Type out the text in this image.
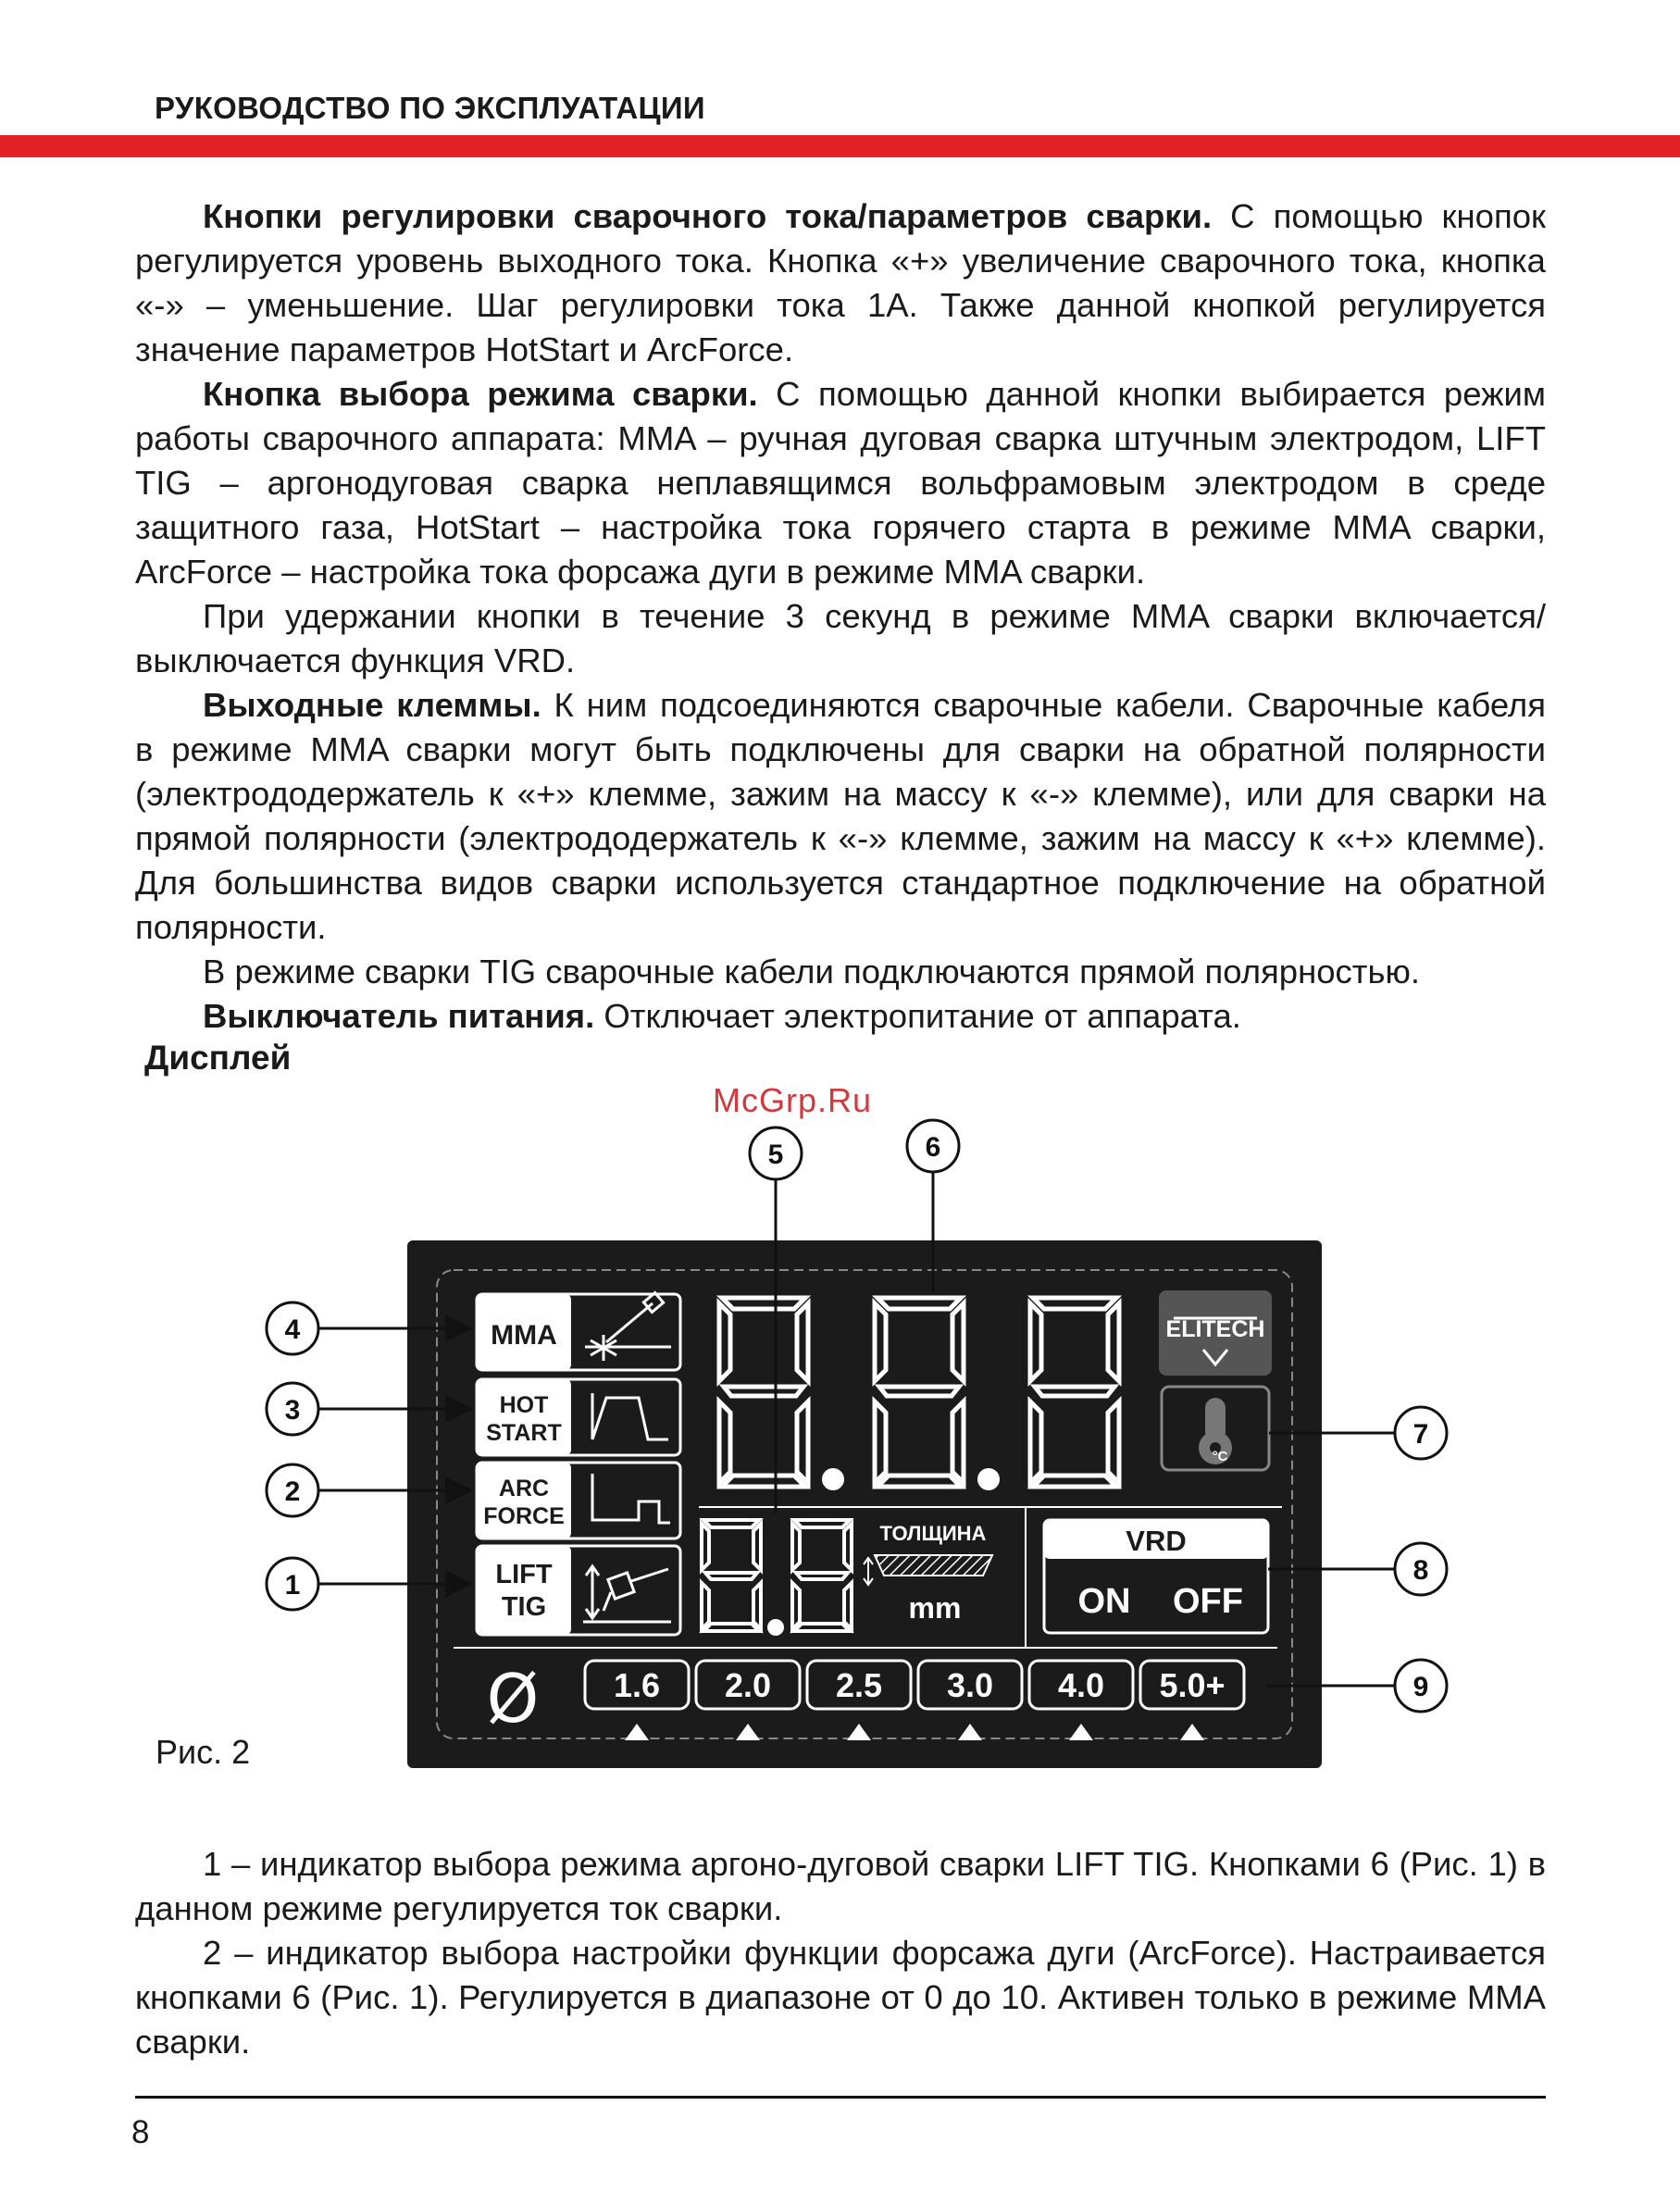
РУКОВОДСТВО ПО ЭКСПЛУАТАЦИИ

Кнопки регулировки сварочного тока/параметров сварки. С помощью кнопок регулируется уровень выходного тока. Кнопка «+» увеличение сварочного тока, кнопка «-» – уменьшение. Шаг регулировки тока 1А. Также данной кнопкой регулируется значение параметров HotStart и ArcForce.

Кнопка выбора режима сварки. С помощью данной кнопки выбирается режим работы сварочного аппарата: MMA – ручная дуговая сварка штучным электродом, LIFT TIG – аргонодуговая сварка неплавящимся вольфрамовым электродом в среде защитного газа, HotStart – настройка тока горячего старта в режиме MMA сварки, ArcForce – настройка тока форсажа дуги в режиме MMA сварки.

При удержании кнопки в течение 3 секунд в режиме MMA сварки включается/выключается функция VRD.

Выходные клеммы. К ним подсоединяются сварочные кабели. Сварочные кабеля в режиме MMA сварки могут быть подключены для сварки на обратной полярности (электрододержатель к «+» клемме, зажим на массу к «-» клемме), или для сварки на прямой полярности (электрододержатель к «-» клемме, зажим на массу к «+» клемме). Для большинства видов сварки используется стандартное подключение на обратной полярности.

В режиме сварки TIG сварочные кабели подключаются прямой полярностью.

Выключатель питания. Отключает электропитание от аппарата.

Дисплей
McGrp.Ru
MMA
HOT
START
ARC
FORCE
LIFT
TIG
ELITECH
°C
ТОЛЩИНА
mm
VRD
ON OFF
Ø 1.6 2.0 2.5 3.0 4.0 5.0+
1
2
3
4
5	6
7
8
9
Рис. 2

1 – индикатор выбора режима аргоно-дуговой сварки LIFT TIG. Кнопками 6 (Рис. 1) в данном режиме регулируется ток сварки.

2 – индикатор выбора настройки функции форсажа дуги (ArcForce). Настраивается кнопками 6 (Рис. 1). Регулируется в диапазоне от 0 до 10. Активен только в режиме MMA сварки.

8
